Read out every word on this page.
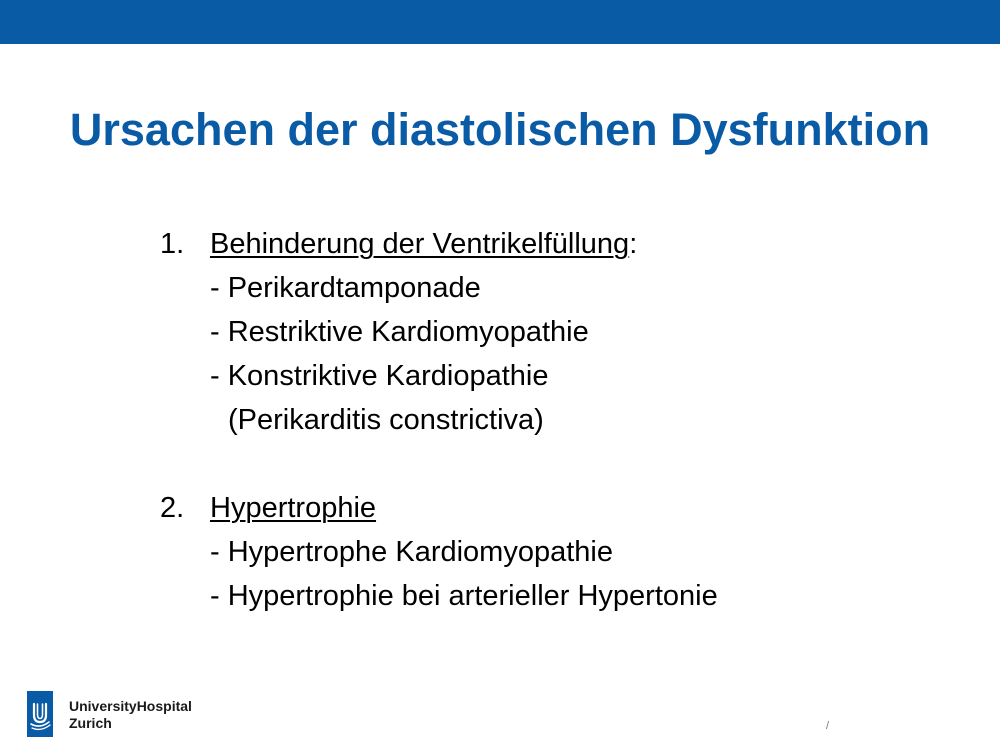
Ursachen der diastolischen Dysfunktion
1. Behinderung der Ventrikelfüllung:
- Perikardtamponade
- Restriktive Kardiomyopathie
- Konstriktive Kardiopathie
(Perikarditis constrictiva)
2. Hypertrophie
- Hypertrophe Kardiomyopathie
- Hypertrophie bei arterieller Hypertonie
UniversityHospital
Zurich	/
